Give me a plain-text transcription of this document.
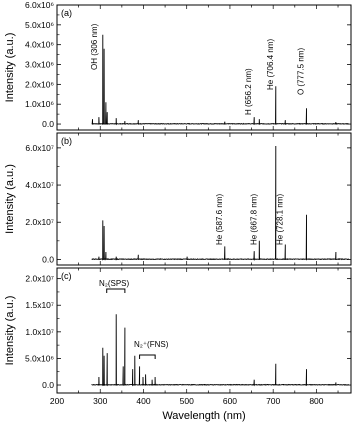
0.0
1.0x10⁶
2.0x10⁶
3.0x10⁶
4.0x10⁶
5.0x10⁶
6.0x10⁶
(a)
Intensity (a.u.)	OH (306 nm)
H (656.2 nm)
He (706.4 nm)	O (777.5 nm)
0.0
2.0x10⁷
4.0x10⁷
6.0x10⁷
(b)
Intensity (a.u.)	He (587.6 nm)	He (667.8 nm) He (728.1 nm)
0.0
5.0x10⁶
1.0x10⁷
1.5x10⁷
2.0x10⁷
200	300	400	500	600	700	800
(c)
Intensity (a.u.)
N₂(SPS)
N₂⁺(FNS)
Wavelength (nm)
